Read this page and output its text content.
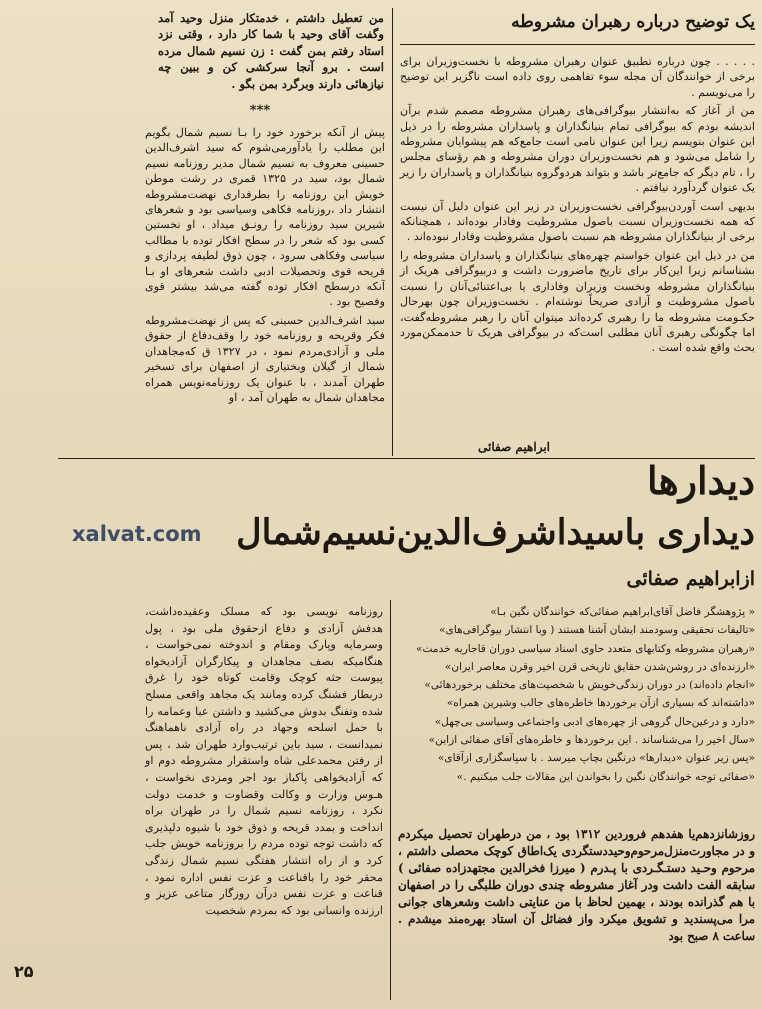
یک توضیح درباره رهبران مشروطه

. . . . . چون درباره تطبیق عنوان رهبران مشروطه با نخست‌وزیران برای برخی از خوانندگان آن مجله سوء تفاهمی روی داده است ناگزیر این توضیح را می‌نویسم .

من از آغاز که به‌انتشار بیوگرافی‌های رهبران مشروطه مصمم شدم برآن اندیشه بودم که بیوگرافی تمام بنیانگذاران و پاسداران مشروطه را در ذیل این عنوان بنویسم زیرا این عنوان نامی است جامع‌که هم پیشوایان مشروطه را شامل می‌شود و هم نخست‌وزیران دوران مشروطه و هم رؤسای مجلس را ، تام دیگر که جامع‌تر باشد و بتواند هردوگروه بنیانگذاران و پاسداران را زیر یک عنوان گردآورد نیافتم .

بدیهی است آوردن‌بیوگرافی نخست‌وزیران در زیر این عنوان دلیل آن نیست که همه نخست‌وزیران نسبت باصول مشروطیت وفادار بوده‌اند ، همچنانکه برخی از بنیانگذاران مشروطه هم نسبت باصول مشروطیت وفادار نبوده‌اند .

من در ذیل این عنوان خواستم چهره‌های بنیانگذاران و پاسداران مشروطه را بشناسانم زیرا این‌کار برای تاریخ ماضرورت داشت و دربیوگرافی هریک از بنیانگذاران مشروطه ونخست وزیران وفاداری یا بی‌اعتنائی‌آنان را نسبت باصول مشروطیت و آزادی صریحاً نوشته‌ام . نخست‌وزیران چون بهرحال حکـومت مشروطه ما را رهبری کرده‌اند میتوان آنان را رهبر مشروطه‌گفت، اما چگونگی رهبری آنان مطلبی است‌که در بیوگرافی هریک تا حدممکن‌مورد بحث واقع شده است .

ابراهیم صفائی
من تعطیل داشتم ، خدمتکار منزل وحید آمد وگفت آقای وحید با شما کار دارد ، وقتی نزد استاد رفتم بمن گفت : زن نسیم شمال مرده است . برو آنجا سرکشی کن و ببین چه نیازهائی دارند وبرگرد بمن بگو .
***

پیش از آنکه برخورد خود را بـا نسیم شمال بگویم این مطلب را یادآورمی‌شوم که سید اشرف‌الدین حسینی معروف به نسیم شمال مدیر روزنامه نسیم شمال بود، سید در ۱۳۲۵ قمری در رشت موطن خویش این روزنامه را بطرفداری نهضت‌مشروطه انتشار داد ،روزنامه فکاهی وسیاسی بود و شعرهای شیرین سید روزنامه را رونـق میداد ، او نخستین کسی بود که شعر را در سطح افکار توده با مطالب سیاسی وفکاهی سرود ، چون ذوق لطیفه پردازی و قریحه قوی وتحصیلات ادبی داشت شعرهای او بـا آنکه درسطح افکار توده گفته می‌شد بیشتر قوی وفصیح بود .

سید اشرف‌الدین حسینی که پس از نهضت‌مشروطه فکر وقریحه و روزنامه خود را وقف‌دفاع از حقوق ملی و آزادی‌مردم نمود ، در ۱۳۲۷ ق که‌مجاهدان شمال از گیلان وبختیاری از اصفهان برای تسخیر طهران آمدند ، با عنوان یک روزنامه‌نویس همراه مجاهدان شمال به طهران آمد ، او

دیدارها
xalvat.com دیداری باسیداشرف‌الدین‌نسیم‌شمال
ازابراهیم صفائی

« پژوهشگر فاضل آقای‌ابراهیم صفائی‌که خوانندگان نگین بـا»

«تالیفات تحقیقی وسودمند ایشان آشنا هستند ( وبا انتشار بیوگرافی‌های»

«رهبران مشروطه وکتابهای متعدد حاوی اسناد سیاسی دوران قاجاریه خدمت»

«ارزنده‌ای در روشن‌شدن حقایق تاریخی قرن اخیر وقرن معاصر ایران»

«انجام داده‌اند) در دوران زندگی‌خویش با شخصیت‌های مختلف برخوردهائی»

«داشته‌اند که بسیاری ازآن برخوردها خاطره‌های جالب وشیرین همراه»

«دارد و درعین‌حال گروهی از چهره‌های ادبی واجتماعی وسیاسی بی‌چهل»

«سال اخیر را می‌شناساند . این برخوردها و خاطره‌های آقای صفائی ازاین»

«پس زیر عنوان «دیدارها» درنگین بچاپ میرسد . با سپاسگزاری ازآقای»

«صفائی توجه خوانندگان نگین را بخواندن این مقالات جلب میکنیم .»

روزشانزدهم‌یا هفدهم فروردین ۱۳۱۲ بود ، من درطهران تحصیل میکردم و در مجاورت‌منزل‌مرحوم‌وحیددستگردی یک‌اطاق کوچک محصلی داشتم ، مرحوم وحـید دستـگـردی با پـدرم ( میرزا فخرالدین مجتهدزاده صفائی ) سابقه الفت داشت ودر آغاز مشروطه چندی دوران طلبگی را در اصفهان با هم گذرانده بودند ، بهمین لحاظ با من عنایتی داشت وشعرهای جوانی مرا می‌پسندید و تشویق میکرد واز فضائل آن استاد بهره‌مند میشدم . ساعت ۸ صبح بود

روزنامه نویسی بود که مسلک وعقیده‌داشت، هدفش آزادی و دفاع ازحقوق ملی بود ، پول وسرمایه وپارک ومقام و اندوخته نمی‌خواست ، هنگامیکه بصف مجاهدان و پیکارگران آزادیخواه پیوست جثه کوچک وقامت کوتاه خود را غرق دربطار فشنگ کرده ومانند یک مجاهد واقعی مسلح شده وتفنگ بدوش می‌کشید و داشتن عبا وعمامه را با حمل اسلحه وجهاد در راه آزادی ناهماهنگ نمیدانست ، سید باین ترتیب‌وارد طهران شد ، پس از رفتن محمدعلی شاه واستقرار مشروطه دوم او که آزادیخواهی پاکباز بود اجر ومزدی نخواست ، هـوس وزارت و وکالت وقضاوت و خدمت دولت نکرد ، روزنامه نسیم شمال را در طهران براه انداخت و بمدد قریحه و ذوق خود با شیوه دلپذیری که داشت توجه توده مردم را بروزنامه خویش جلب کرد و از راه انتشار هفتگی نسیم شمال زندگی محقر خود را باقناعت و عزت نفس اداره نمود ، قناعت و عزت نفس درآن روزگار متاعی عزیز و ارزنده وانسانی بود که بمردم شخصیت

۲۵
